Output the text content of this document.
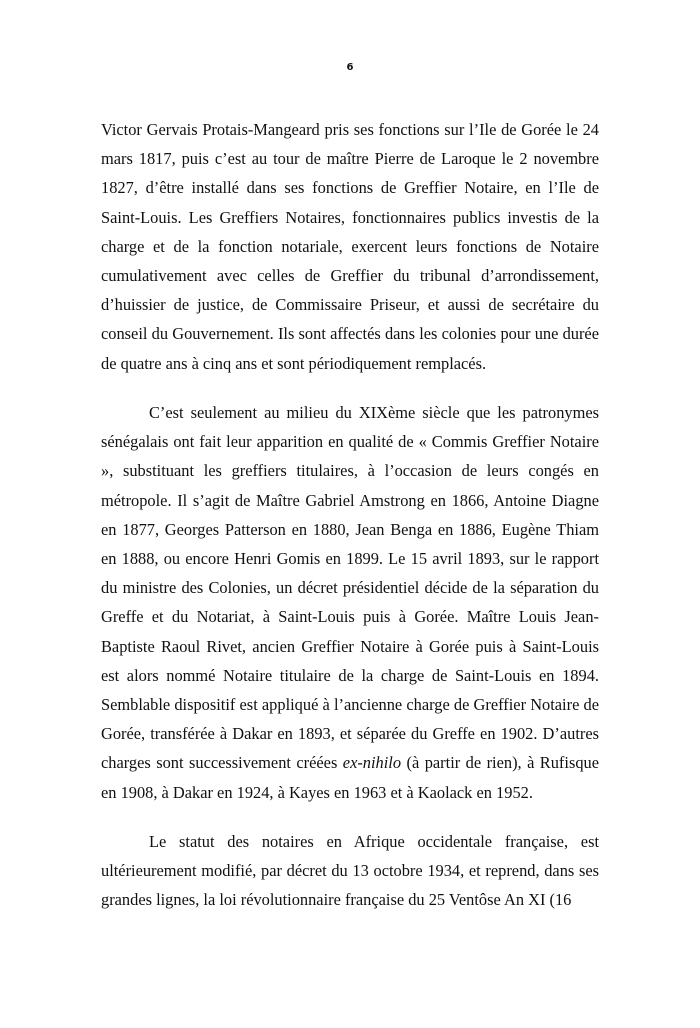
6

Victor Gervais Protais-Mangeard pris ses fonctions sur l’Ile de Gorée le 24 mars 1817, puis c’est au tour de maître Pierre de Laroque le 2 novembre 1827, d’être installé dans ses fonctions de Greffier Notaire, en l’Ile de Saint-Louis. Les Greffiers Notaires, fonctionnaires publics investis de la charge et de la fonction notariale, exercent leurs fonctions de Notaire cumulativement avec celles de Greffier du tribunal d’arrondissement, d’huissier de justice, de Commissaire Priseur, et aussi de secrétaire du conseil du Gouvernement. Ils sont affectés dans les colonies pour une durée de quatre ans à cinq ans et sont périodiquement remplacés.

C’est seulement au milieu du XIXème siècle que les patronymes sénégalais ont fait leur apparition en qualité de « Commis Greffier Notaire », substituant les greffiers titulaires, à l’occasion de leurs congés en métropole. Il s’agit de Maître Gabriel Amstrong en 1866, Antoine Diagne en 1877, Georges Patterson en 1880, Jean Benga en 1886, Eugène Thiam en 1888, ou encore Henri Gomis en 1899. Le 15 avril 1893, sur le rapport du ministre des Colonies, un décret présidentiel décide de la séparation du Greffe et du Notariat, à Saint-Louis puis à Gorée. Maître Louis Jean-Baptiste Raoul Rivet, ancien Greffier Notaire à Gorée puis à Saint-Louis est alors nommé Notaire titulaire de la charge de Saint-Louis en 1894. Semblable dispositif est appliqué à l’ancienne charge de Greffier Notaire de Gorée, transférée à Dakar en 1893, et séparée du Greffe en 1902. D’autres charges sont successivement créées ex-nihilo (à partir de rien), à Rufisque en 1908, à Dakar en 1924, à Kayes en 1963 et à Kaolack en 1952.

Le statut des notaires en Afrique occidentale française, est ultérieurement modifié, par décret du 13 octobre 1934, et reprend, dans ses grandes lignes, la loi révolutionnaire française du 25 Ventôse An XI (16
